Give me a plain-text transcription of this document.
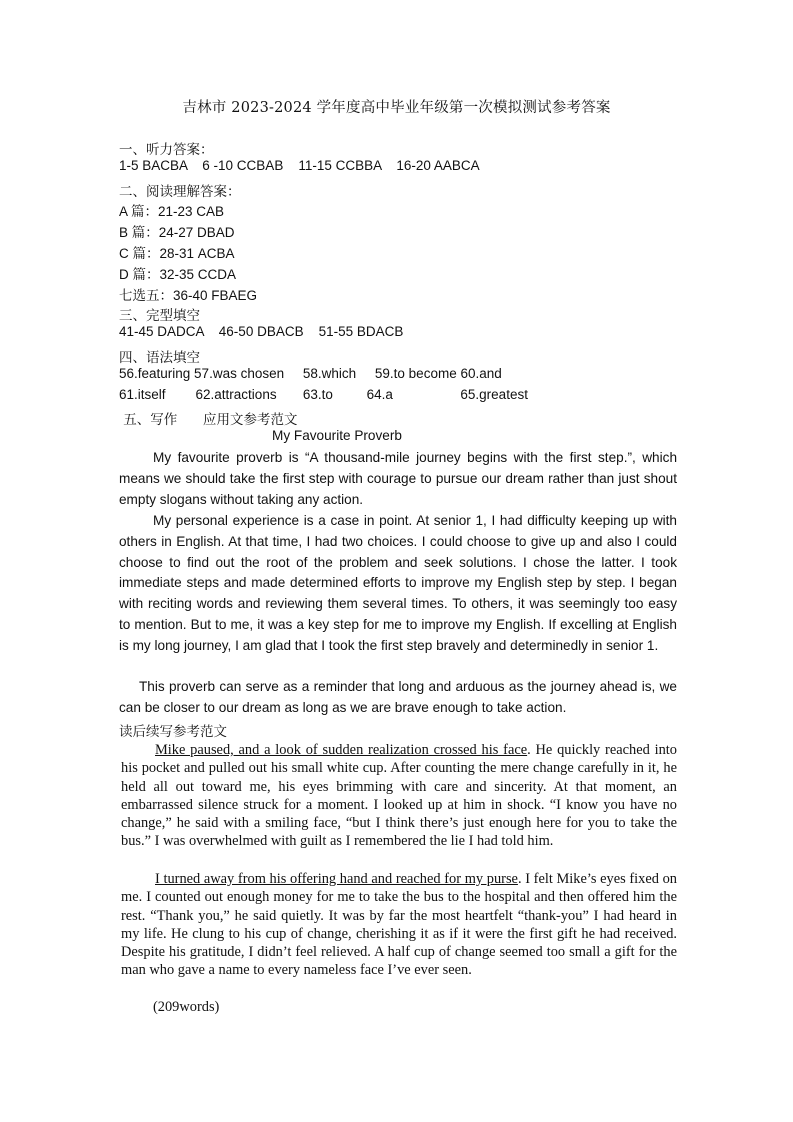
吉林市 2023-2024 学年度高中毕业年级第一次模拟测试参考答案
一、听力答案：
1-5 BACBA    6 -10 CCBAB    11-15 CCBBA    16-20 AABCA
二、阅读理解答案：
A 篇：21-23 CAB
B 篇：24-27 DBAD
C 篇：28-31 ACBA
D 篇：32-35 CCDA
七选五：36-40 FBAEG
三、完型填空
41-45 DADCA    46-50 DBACB    51-55 BDACB
四、语法填空
56.featuring 57.was chosen     58.which     59.to become 60.and
61.itself        62.attractions       63.to         64.a                  65.greatest
五、写作      应用文参考范文
My Favourite Proverb
My favourite proverb is “A thousand-mile journey begins with the first step.”, which means we should take the first step with courage to pursue our dream rather than just shout empty slogans without taking any action.
My personal experience is a case in point. At senior 1, I had difficulty keeping up with others in English. At that time, I had two choices. I could choose to give up and also I could choose to find out the root of the problem and seek solutions. I chose the latter. I took immediate steps and made determined efforts to improve my English step by step. I began with reciting words and reviewing them several times. To others, it was seemingly too easy to mention. But to me, it was a key step for me to improve my English. If excelling at English is my long journey, I am glad that I took the first step bravely and determinedly in senior 1.
This proverb can serve as a reminder that long and arduous as the journey ahead is, we can be closer to our dream as long as we are brave enough to take action.
读后续写参考范文
Mike paused, and a look of sudden realization crossed his face. He quickly reached into his pocket and pulled out his small white cup. After counting the mere change carefully in it, he held all out toward me, his eyes brimming with care and sincerity. At that moment, an embarrassed silence struck for a moment. I looked up at him in shock. “I know you have no change,” he said with a smiling face, “but I think there’s just enough here for you to take the bus.” I was overwhelmed with guilt as I remembered the lie I had told him.
I turned away from his offering hand and reached for my purse. I felt Mike’s eyes fixed on me. I counted out enough money for me to take the bus to the hospital and then offered him the rest. “Thank you,” he said quietly. It was by far the most heartfelt “thank-you” I had heard in my life. He clung to his cup of change, cherishing it as if it were the first gift he had received. Despite his gratitude, I didn’t feel relieved. A half cup of change seemed too small a gift for the man who gave a name to every nameless face I’ve ever seen.
(209words)
